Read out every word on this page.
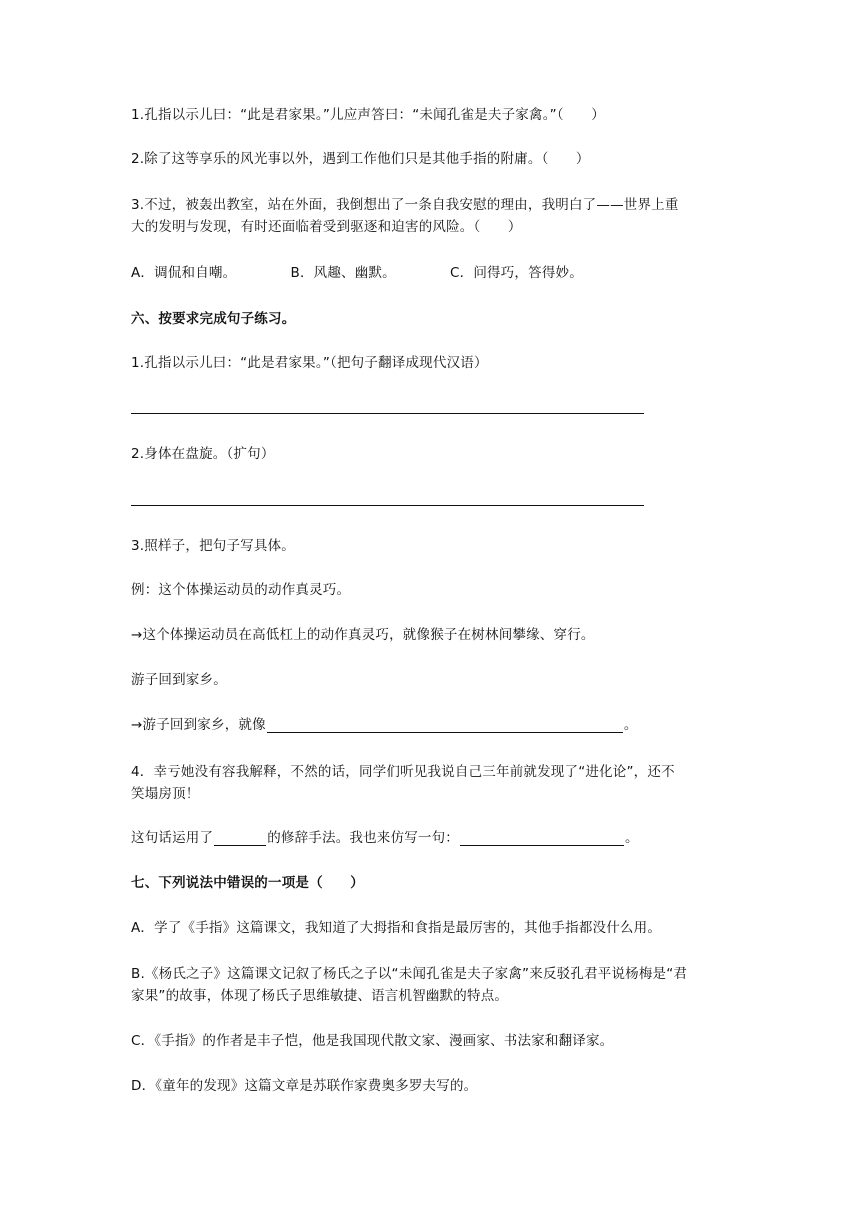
1.孔指以示儿曰：“此是君家果。”儿应声答曰：“未闻孔雀是夫子家禽。”（　　）
2.除了这等享乐的风光事以外，遇到工作他们只是其他手指的附庸。（　　）
3.不过，被轰出教室，站在外面，我倒想出了一条自我安慰的理由，我明白了——世界上重
大的发明与发现，有时还面临着受到驱逐和迫害的风险。（　　）
A．调侃和自嘲。	B．风趣、幽默。	C．问得巧，答得妙。
六、按要求完成句子练习。
1.孔指以示儿曰：“此是君家果。”（把句子翻译成现代汉语）
2.身体在盘旋。（扩句）
3.照样子，把句子写具体。
例：这个体操运动员的动作真灵巧。
→这个体操运动员在高低杠上的动作真灵巧，就像猴子在树林间攀缘、穿行。
游子回到家乡。
→游子回到家乡，就像	。
4．幸亏她没有容我解释，不然的话，同学们听见我说自己三年前就发现了“进化论”，还不
笑塌房顶！
这句话运用了	的修辞手法。我也来仿写一句：	。
七、下列说法中错误的一项是（　　）
A．学了《手指》这篇课文，我知道了大拇指和食指是最厉害的，其他手指都没什么用。
B.《杨氏之子》这篇课文记叙了杨氏之子以“未闻孔雀是夫子家禽”来反驳孔君平说杨梅是“君
家果”的故事，体现了杨氏子思维敏捷、语言机智幽默的特点。
C．《手指》的作者是丰子恺，他是我国现代散文家、漫画家、书法家和翻译家。
D．《童年的发现》这篇文章是苏联作家费奥多罗夫写的。
